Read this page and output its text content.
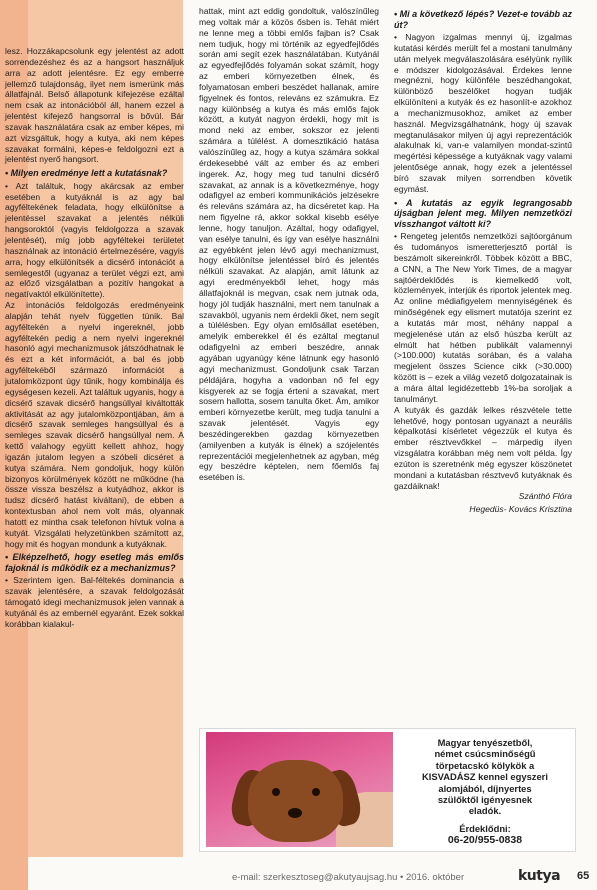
lesz. Hozzákapcsolunk egy jelentést az adott sorrendezéshez és az a hangsort használjuk arra az adott jelentésre. Ez egy emberre jellemző tulajdonság, ilyet nem ismerünk más állatfajnál. Belső állapotunk kifejezése ezáltal nem csak az intonációból áll, hanem ezzel a jelentést kifejező hangsorral is bővül. Bár szavak használatára csak az ember képes, mi azt vizsgáltuk, hogy a kutya, aki nem képes szavakat formálni, képes-e feldolgozni ezt a jelentést nyerő hangsort.

• Milyen eredménye lett a kutatásnak?

• Azt találtuk, hogy akárcsak az ember esetében a kutyáknál is az agy bal agyféltekének feladata, hogy elkülönítse a jelentéssel szavakat a jelentés nélküli hangsoroktól (vagyis feldolgozza a szavak jelentését), míg jobb agyféltekei területet használnak az intonáció értelmezésére, vagyis arra, hogy elkülönítsék a dicsérő intonációt a semlegestől (ugyanaz a terület végzi ezt, ami az előző vizsgálatban a pozitív hangokat a negatívaktól elkülönítette).

Az intonációs feldolgozás eredményeink alapján tehát nyelv független tünik. Bal agyféltekén a nyelvi ingereknél, jobb agyféltekén pedig a nem nyelvi ingereknél hasonló agyi mechanizmusok játszódhatnak le és ezt a két információt, a bal és jobb agyféltekéből származó információt a jutalomközpont úgy tűnik, hogy kombinálja és egységesen kezeli. Azt találtuk ugyanis, hogy a dicsérő szavak dicsérő hangsúllyal kiváltották aktivitását az agy jutalomközpontjában, ám a dicsérő szavak semleges hangsúllyal és a semleges szavak dicsérő hangsúllyal nem. A kettő valahogy együtt kellett ahhoz, hogy igazán jutalom legyen a szóbeli dicséret a kutya számára. Nem gondoljuk, hogy külön bizonyos körülmények között ne működne (ha össze vissza beszélsz a kutyádhoz, akkor is tudsz dicsérő hatást kiváltani), de ebben a kontextusban ahol nem volt más, olyannak hatott ez mintha csak telefonon hívtuk volna a kutyát. Vizsgálati helyzetünkben számított az, hogy mit és hogyan mondunk a kutyáknak.

• Elképzelhető, hogy esetleg más emlős fajoknál is működik ez a mechanizmus?

• Szerintem igen. Bal-féltekés dominancia a szavak jelentésére, a szavak feldolgozását támogató idegi mechanizmusok jelen vannak a kutyánál és az embernél egyaránt. Ezek sokkal korábban kialakul-

hattak, mint azt eddig gondoltuk, valószínűleg meg voltak már a közös ősben is. Tehát miért ne lenne meg a többi emlős fajban is? Csak nem tudjuk, hogy mi történik az egyedfejlődés során ami segít ezek használatában. Kutyánál az egyedfejlődés folyamán sokat számít, hogy az emberi környezetben élnek, és folyamatosan emberi beszédet hallanak, amire figyelnek és fontos, releváns ez számukra. Ez nagy különbség a kutya és más emlős fajok között, a kutyát nagyon érdekli, hogy mit is mond neki az ember, sokszor ez jelenti számára a túlélést. A domesztikáció hatása valószínűleg az, hogy a kutya számára sokkal érdekesebbé vált az ember és az emberi ingerek. Az, hogy meg tud tanulni dicsérő szavakat, az annak is a következménye, hogy odafigyel az emberi kommunikációs jelzésekre és releváns számára az, ha dicséretet kap. Ha nem figyelne rá, akkor sokkal kisebb esélye lenne, hogy tanuljon. Azáltal, hogy odafigyel, van esélye tanulni, és így van esélye használni az egyébként jelen lévő agyi mechanizmust, hogy elkülönítse jelentéssel bíró és jelentés nélküli szavakat. Az alapján, amit látunk az agyi eredményekből lehet, hogy más állatfajoknál is megvan, csak nem jutnak oda, hogy jól tudják használni, mert nem tanulnak a szavakból, ugyanis nem érdekli őket, nem segít a túlélésben. Egy olyan emlősállat esetében, amelyik emberekkel él és ezáltal megtanul odafigyelni az emberi beszédre, annak agyában ugyanúgy kéne látnunk egy hasonló agyi mechanizmust. Gondoljunk csak Tarzan példájára, hogyha a vadonban nő fel egy kisgyerek az se fogja érteni a szavakat, mert sosem hallotta, sosem tanulta őket. Ám, amikor emberi környezetbe került, meg tudja tanulni a szavak jelentését. Vagyis egy beszédingerekben gazdag környezetben (amilyenben a kutyák is élnek) a szójelentés reprezentációi megjelenhetnek az agyban, még egy beszédre képtelen, nem főemlős faj esetében is.

• Mi a következő lépés? Vezet-e tovább az út?

• Nagyon izgalmas mennyi új, izgalmas kutatási kérdés merült fel a mostani tanulmány után melyek megválaszolására esélyünk nyílik e módszer kidolgozásával. Érdekes lenne megnézni, hogy különféle beszédhangokat, különböző beszélőket hogyan tudják elkülöníteni a kutyák és ez hasonlít-e azokhoz a mechanizmusokhoz, amiket az ember használ. Megvizsgálhatnánk, hogy új szavak megtanulásakor milyen új agyi reprezentációk alakulnak ki, van-e valamilyen mondat-szintű megértési képessége a kutyáknak vagy valami jelentősége annak, hogy ezek a jelentéssel bíró szavak milyen sorrendben követik egymást.

• A kutatás az egyik legrangosabb újságban jelent meg. Milyen nemzetközi visszhangot váltott ki?

• Rengeteg jelentős nemzetközi sajtóorgánum és tudományos ismeretterjesztő portál is beszámolt sikereinkről. Többek között a BBC, a CNN, a The New York Times, de a magyar sajtóérdeklődés is kiemelkedő volt, közlemények, interjúk és riportok jelentek meg. Az online médiafigyelem mennyiségének és minőségének egy elismert mutatója szerint ez a kutatás már most, néhány nappal a megjelenése után az első húszba került az elmúlt hat hétben publikált valamennyi (>100.000) kutatás sorában, és a valaha megjelent összes Science cikk (>30.000) között is – ezek a világ vezető dolgozatainak is a mára által legidézettebb 1%-ba soroljak a tanulmányt.

A kutyák és gazdák lelkes részvétele tette lehetővé, hogy pontosan ugyanazt a neurális képalkotási kísérletet végezzük el kutya és ember résztvevőkkel – márpedig ilyen vizsgálatra korábban még nem volt példa. Így ezúton is szeretnénk még egyszer köszönetet mondani a kutatásban résztvevő kutyáknak és gazdáiknak!

Szánthó Flóra

Hegedüs- Kovács Krisztina

Magyar tenyészetből,
német csúcsminőségű
törpetacskó kölykök a
KISVADÁSZ kennel egyszeri
alomjából, díjnyertes
szülőktől igényesnek
eladók.
Érdeklődni:
06-20/955-0838
e-mail: szerkesztoseg@akutyaujsag.hu • 2016. október	kutya 65
